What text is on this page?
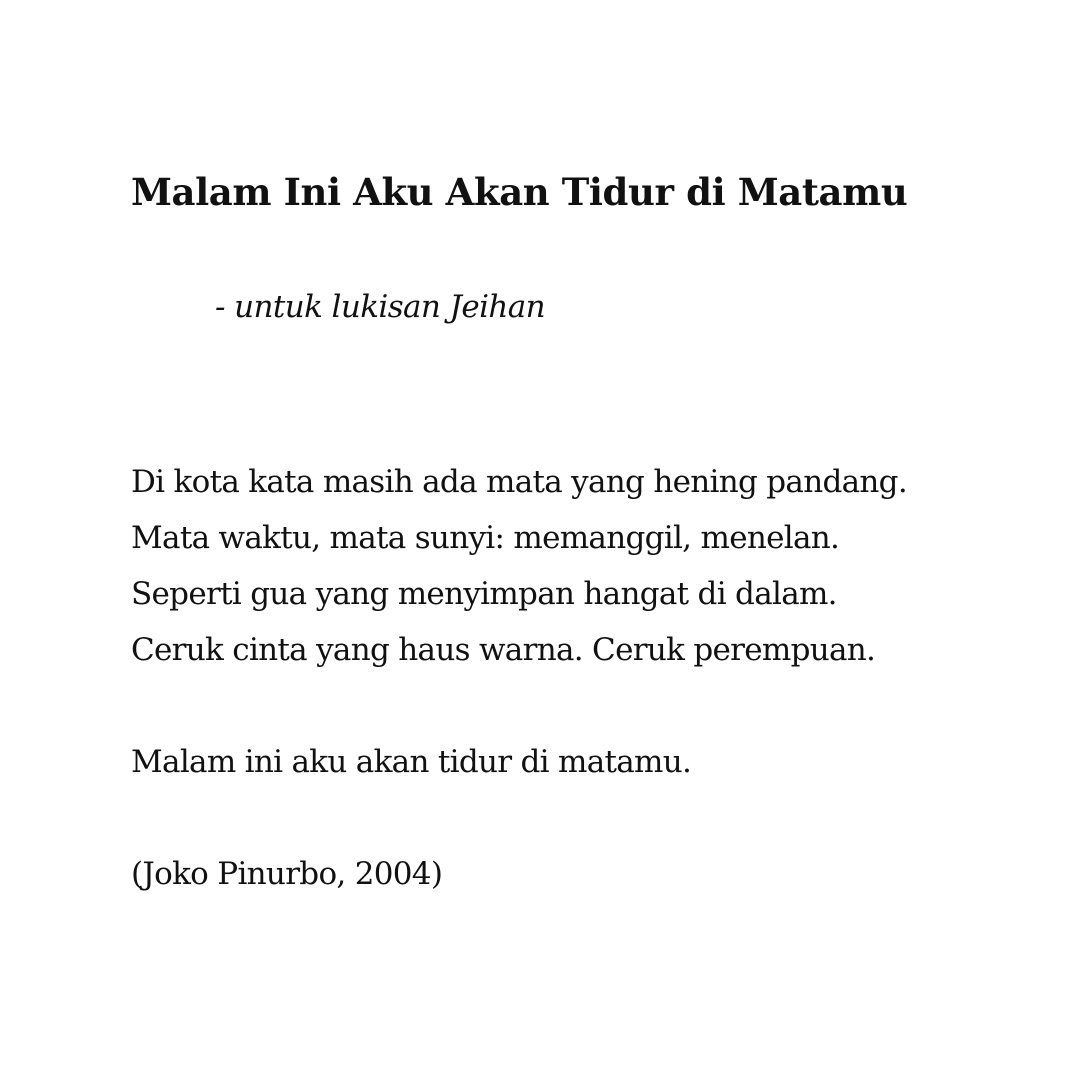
Malam Ini Aku Akan Tidur di Matamu

- untuk lukisan Jeihan

Di kota kata masih ada mata yang hening pandang.
Mata waktu, mata sunyi: memanggil, menelan.
Seperti gua yang menyimpan hangat di dalam.
Ceruk cinta yang haus warna. Ceruk perempuan.
Malam ini aku akan tidur di matamu.
(Joko Pinurbo, 2004)
